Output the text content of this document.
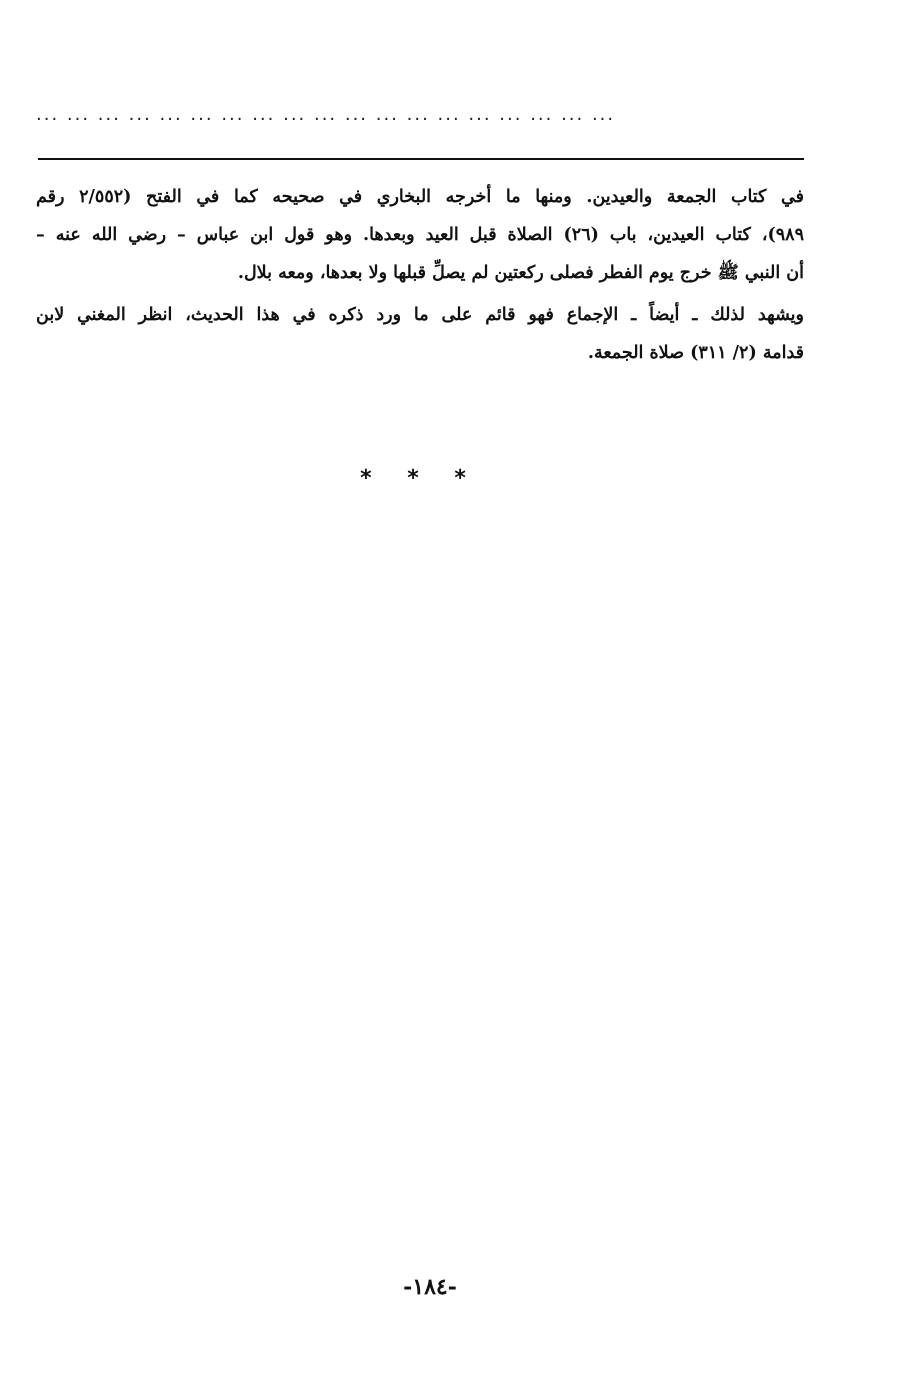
... ... ... ... ... ... ... ... ... ... ... ... ... ... ... ... ... ... ...

في كتاب الجمعة والعيدين. ومنها ما أخرجه البخاري في صحيحه كما في الفتح (٢/٥٥٢ رقم
٩٨٩)، كتاب العيدين، باب (٢٦) الصلاة قبل العيد وبعدها. وهو قول ابن عباس – رضي الله عنه –
أن النبي ﷺ خرج يوم الفطر فصلى ركعتين لم يصلِّ قبلها ولا بعدها، ومعه بلال.

ويشهد لذلك ـ أيضاً ـ الإجماع فهو قائم على ما ورد ذكره في هذا الحديث، انظر المغني لابن
قدامة (٢/ ٣١١) صلاة الجمعة.

* * *
-١٨٤-
